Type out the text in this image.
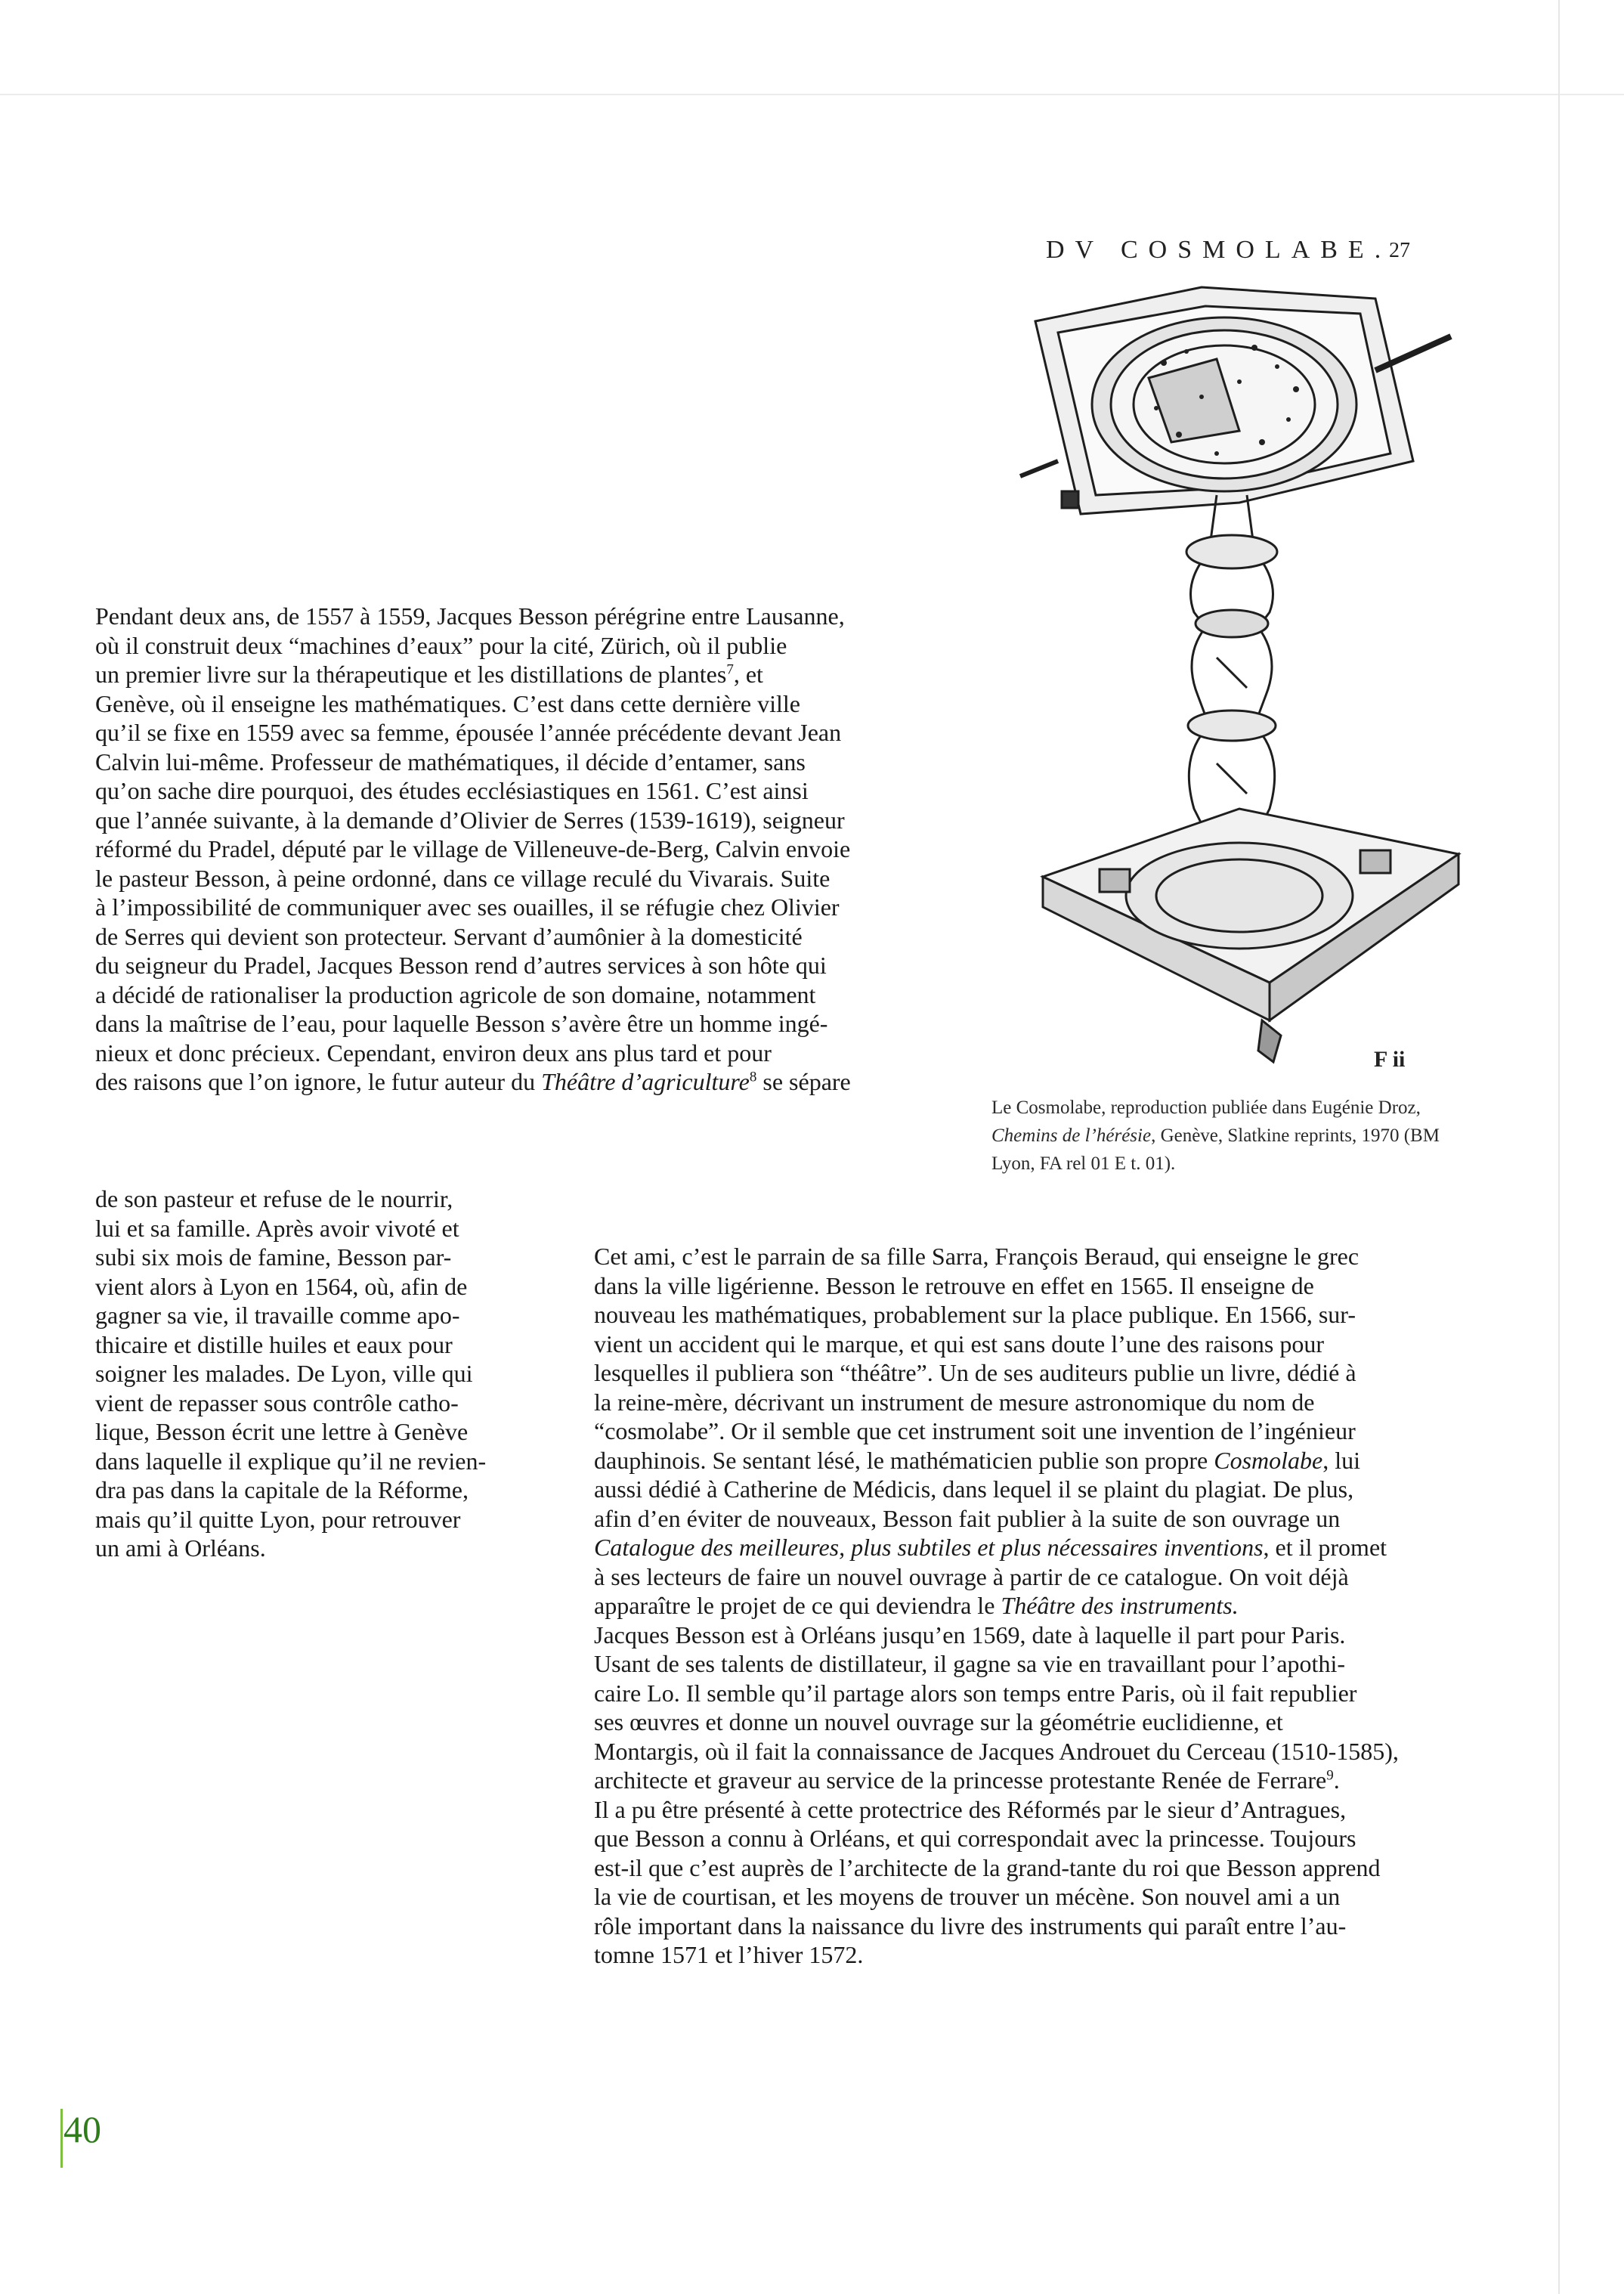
DV COSMOLABE.
27
F ii
Le Cosmolabe, reproduction publiée dans Eugénie Droz, Chemins de l’hérésie, Genève, Slatkine reprints, 1970 (BM Lyon, FA rel 01 E t. 01).
Pendant deux ans, de 1557 à 1559, Jacques Besson pérégrine entre Lausanne,
où il construit deux “machines d’eaux” pour la cité, Zürich, où il publie
un premier livre sur la thérapeutique et les distillations de plantes$^7$, et
Genève, où il enseigne les mathématiques. C’est dans cette dernière ville
qu’il se fixe en 1559 avec sa femme, épousée l’année précédente devant Jean
Calvin lui-même. Professeur de mathématiques, il décide d’entamer, sans
qu’on sache dire pourquoi, des études ecclésiastiques en 1561. C’est ainsi
que l’année suivante, à la demande d’Olivier de Serres (1539-1619), seigneur
réformé du Pradel, député par le village de Villeneuve-de-Berg, Calvin envoie
le pasteur Besson, à peine ordonné, dans ce village reculé du Vivarais. Suite
à l’impossibilité de communiquer avec ses ouailles, il se réfugie chez Olivier
de Serres qui devient son protecteur. Servant d’aumônier à la domesticité
du seigneur du Pradel, Jacques Besson rend d’autres services à son hôte qui
a décidé de rationaliser la production agricole de son domaine, notamment
dans la maîtrise de l’eau, pour laquelle Besson s’avère être un homme ingé-
nieux et donc précieux. Cependant, environ deux ans plus tard et pour
des raisons que l’on ignore, le futur auteur du Théâtre d’agriculture$^8$ se sépare
de son pasteur et refuse de le nourrir,
lui et sa famille. Après avoir vivoté et
subi six mois de famine, Besson par-
vient alors à Lyon en 1564, où, afin de
gagner sa vie, il travaille comme apo-
thicaire et distille huiles et eaux pour
soigner les malades. De Lyon, ville qui
vient de repasser sous contrôle catho-
lique, Besson écrit une lettre à Genève
dans laquelle il explique qu’il ne revien-
dra pas dans la capitale de la Réforme,
mais qu’il quitte Lyon, pour retrouver
un ami à Orléans.
Cet ami, c’est le parrain de sa fille Sarra, François Beraud, qui enseigne le grec
dans la ville ligérienne. Besson le retrouve en effet en 1565. Il enseigne de
nouveau les mathématiques, probablement sur la place publique. En 1566, sur-
vient un accident qui le marque, et qui est sans doute l’une des raisons pour
lesquelles il publiera son “théâtre”. Un de ses auditeurs publie un livre, dédié à
la reine-mère, décrivant un instrument de mesure astronomique du nom de
“cosmolabe”. Or il semble que cet instrument soit une invention de l’ingénieur
dauphinois. Se sentant lésé, le mathématicien publie son propre Cosmolabe, lui
aussi dédié à Catherine de Médicis, dans lequel il se plaint du plagiat. De plus,
afin d’en éviter de nouveaux, Besson fait publier à la suite de son ouvrage un
Catalogue des meilleures, plus subtiles et plus nécessaires inventions, et il promet
à ses lecteurs de faire un nouvel ouvrage à partir de ce catalogue. On voit déjà
apparaître le projet de ce qui deviendra le Théâtre des instruments.
Jacques Besson est à Orléans jusqu’en 1569, date à laquelle il part pour Paris.
Usant de ses talents de distillateur, il gagne sa vie en travaillant pour l’apothi-
caire Lo. Il semble qu’il partage alors son temps entre Paris, où il fait republier
ses œuvres et donne un nouvel ouvrage sur la géométrie euclidienne, et
Montargis, où il fait la connaissance de Jacques Androuet du Cerceau (1510-1585),
architecte et graveur au service de la princesse protestante Renée de Ferrare$^9$.
Il a pu être présenté à cette protectrice des Réformés par le sieur d’Antragues,
que Besson a connu à Orléans, et qui correspondait avec la princesse. Toujours
est-il que c’est auprès de l’architecte de la grand-tante du roi que Besson apprend
la vie de courtisan, et les moyens de trouver un mécène. Son nouvel ami a un
rôle important dans la naissance du livre des instruments qui paraît entre l’au-
tomne 1571 et l’hiver 1572.
40
